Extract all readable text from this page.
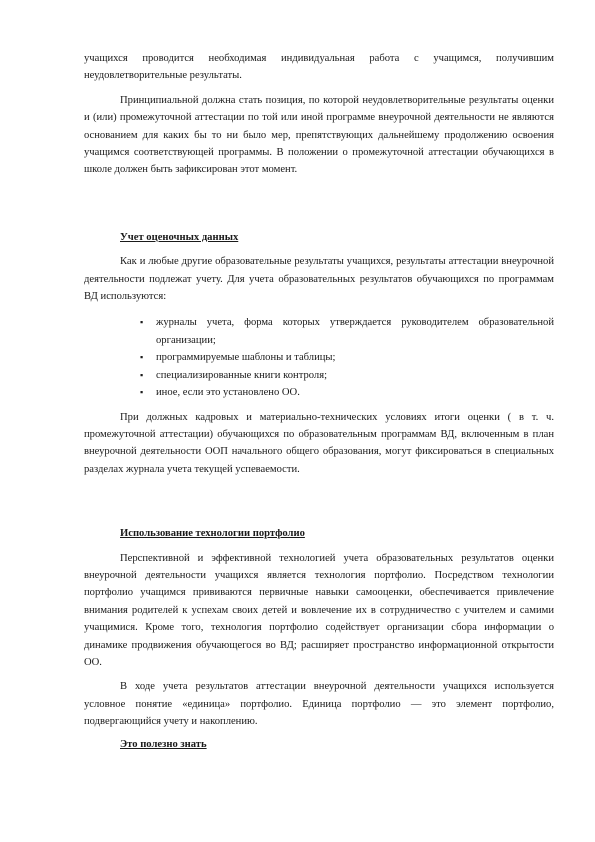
учащихся проводится необходимая индивидуальная работа с учащимся, получившим неудовлетворительные результаты.

Принципиальной должна стать позиция, по которой неудовлетворительные результаты оценки и (или) промежуточной аттестации по той или иной программе внеурочной деятельности не являются основанием для каких бы то ни было мер, препятствующих дальнейшему продолжению освоения учащимся соответствующей программы. В положении о промежуточной аттестации обучающихся в школе должен быть зафиксирован этот момент.

Учет оценочных данных

Как и любые другие образовательные результаты учащихся, результаты аттестации внеурочной деятельности подлежат учету. Для учета образовательных результатов обучающихся по программам ВД используются:

▪ журналы учета, форма которых утверждается руководителем образовательной организации;
▪ программируемые шаблоны и таблицы;
▪ специализированные книги контроля;
▪ иное, если это установлено ОО.

При должных кадровых и материально-технических условиях итоги оценки ( в т. ч. промежуточной аттестации) обучающихся по образовательным программам ВД, включенным в план внеурочной деятельности ООП начального общего образования, могут фиксироваться в специальных разделах журнала учета текущей успеваемости.

Использование технологии портфолио

Перспективной и эффективной технологией учета образовательных результатов оценки внеурочной деятельности учащихся является технология портфолио. Посредством технологии портфолио учащимся прививаются первичные навыки самооценки, обеспечивается привлечение внимания родителей к успехам своих детей и вовлечение их в сотрудничество с учителем и самими учащимися. Кроме того, технология портфолио содействует организации сбора информации о динамике продвижения обучающегося во ВД; расширяет пространство информационной открытости ОО.

В ходе учета результатов аттестации внеурочной деятельности учащихся используется условное понятие «единица» портфолио. Единица портфолио — это элемент портфолио, подвергающийся учету и накоплению.

Это полезно знать
